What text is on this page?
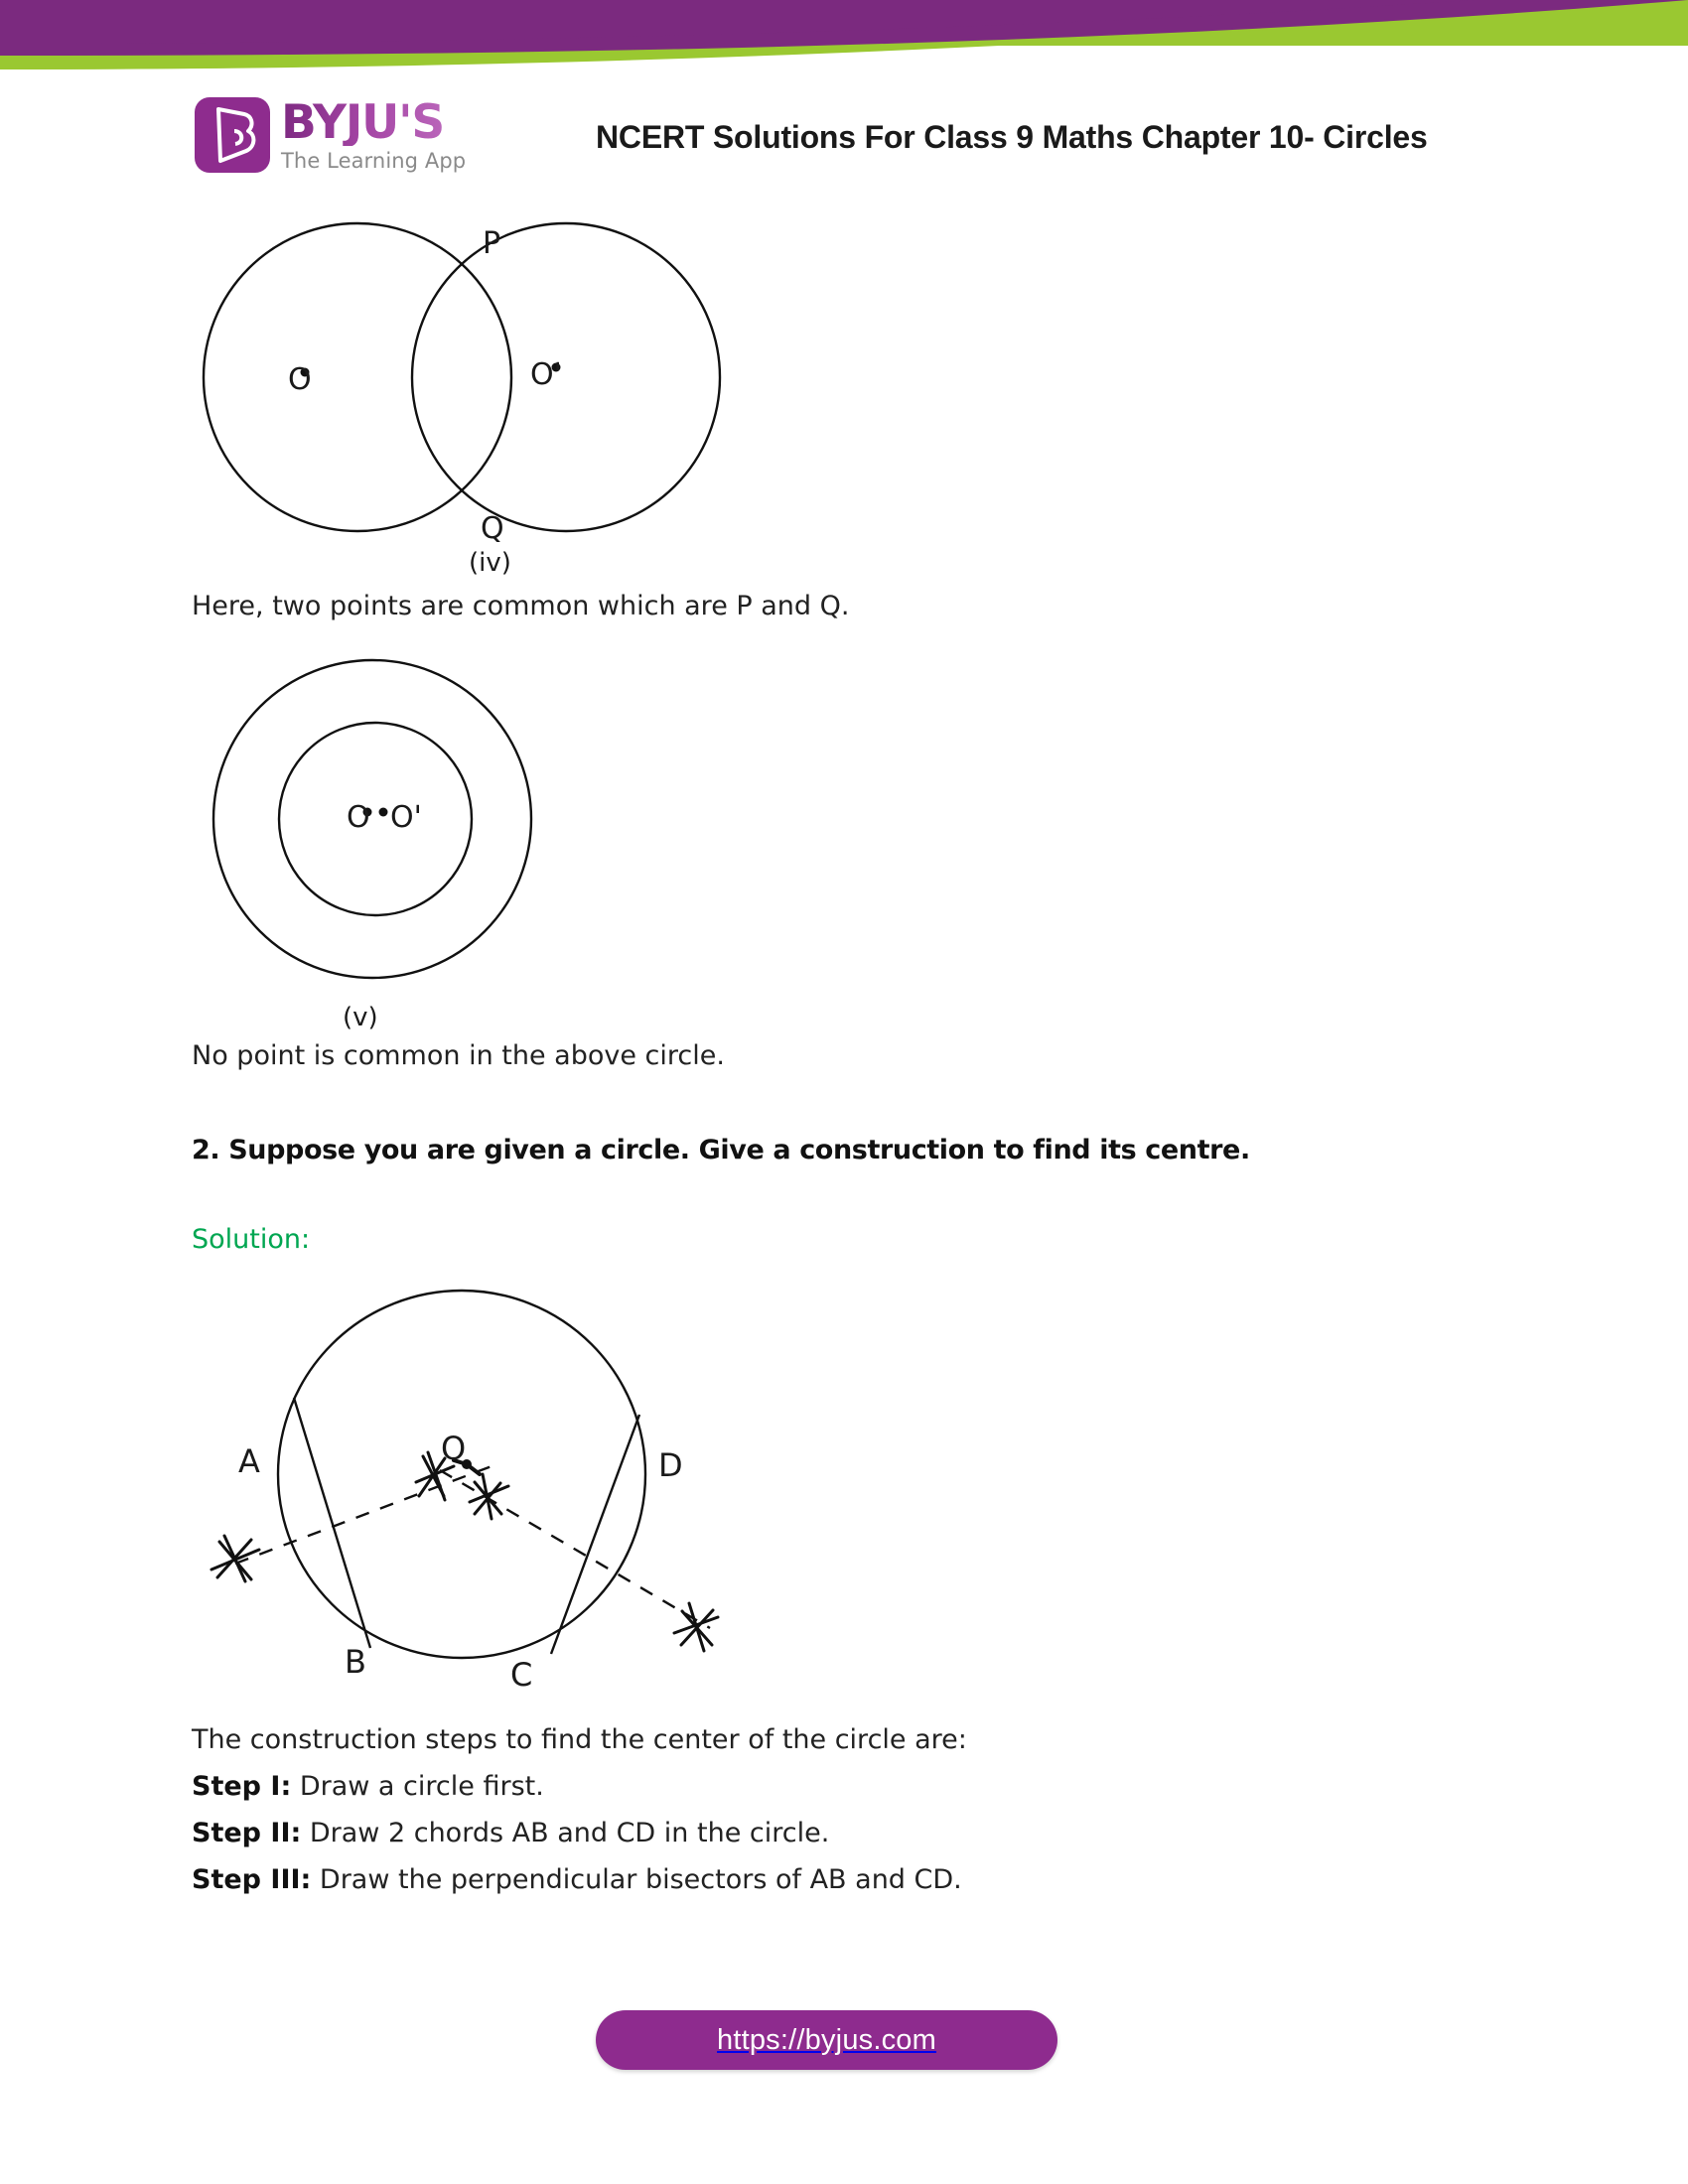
BYJU'S
The Learning App
NCERT Solutions For Class 9 Maths Chapter 10- Circles
O	O'
P
Q
(iv)
Here, two points are common which are P and Q.
O O'
(v)
No point is common in the above circle.
2. Suppose you are given a circle. Give a construction to find its centre.
Solution:
A
B	C
D
O
The construction steps to find the center of the circle are:
Step I: Draw a circle first.
Step II: Draw 2 chords AB and CD in the circle.
Step III: Draw the perpendicular bisectors of AB and CD.
https://byjus.com
